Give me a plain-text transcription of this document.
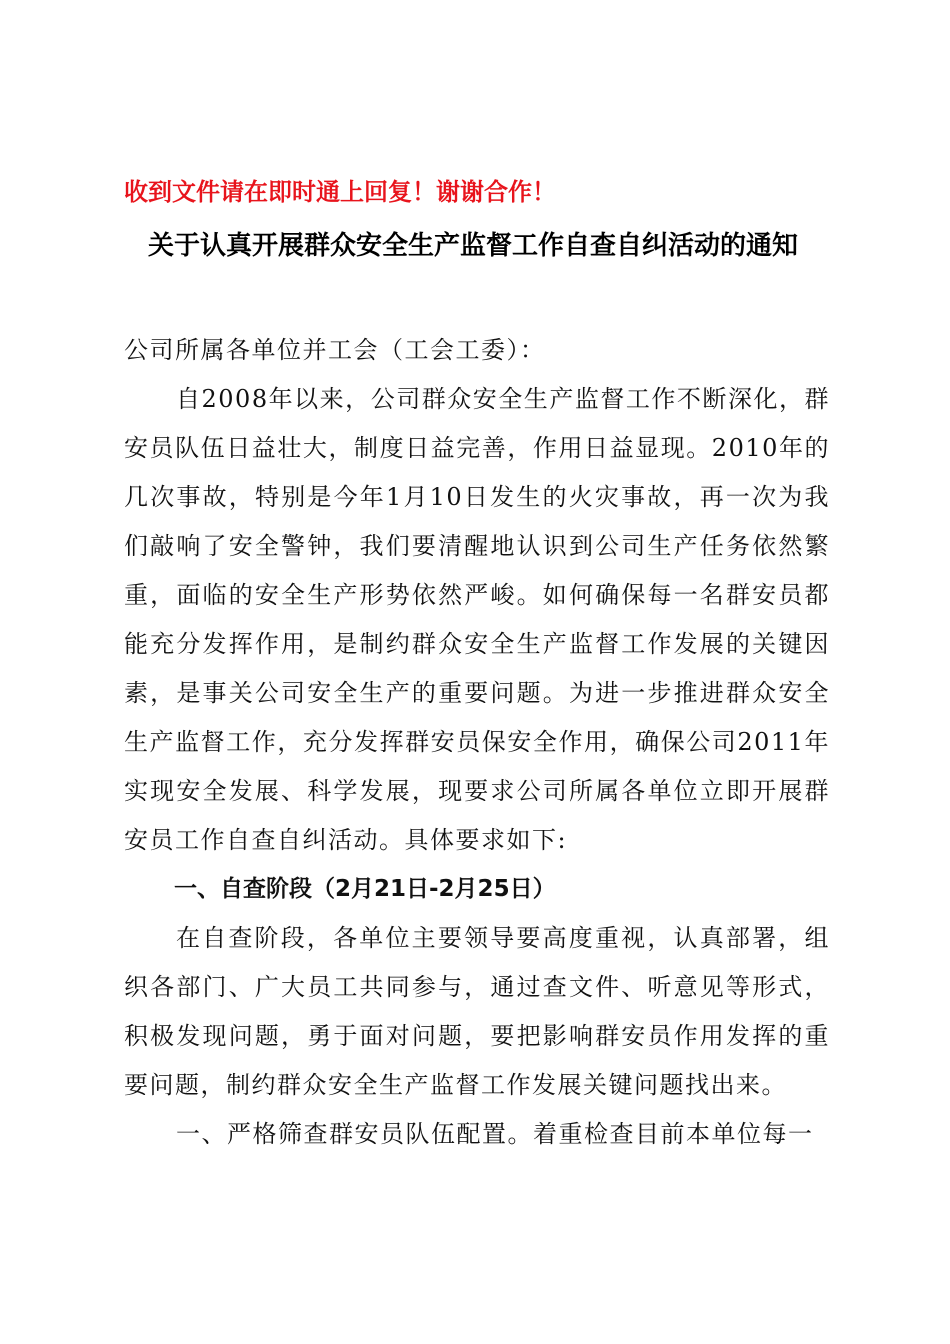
收到文件请在即时通上回复！谢谢合作！
关于认真开展群众安全生产监督工作自查自纠活动的通知

公司所属各单位并工会（工会工委）：

自2008年以来，公司群众安全生产监督工作不断深化，群安员队伍日益壮大，制度日益完善，作用日益显现。2010年的几次事故，特别是今年1月10日发生的火灾事故，再一次为我们敲响了安全警钟，我们要清醒地认识到公司生产任务依然繁重，面临的安全生产形势依然严峻。如何确保每一名群安员都能充分发挥作用，是制约群众安全生产监督工作发展的关键因素，是事关公司安全生产的重要问题。为进一步推进群众安全生产监督工作，充分发挥群安员保安全作用，确保公司2011年实现安全发展、科学发展，现要求公司所属各单位立即开展群安员工作自查自纠活动。具体要求如下:

一、自查阶段（2月21日-2月25日）

在自查阶段，各单位主要领导要高度重视，认真部署，组织各部门、广大员工共同参与，通过查文件、听意见等形式，积极发现问题，勇于面对问题，要把影响群安员作用发挥的重要问题，制约群众安全生产监督工作发展关键问题找出来。

一、严格筛查群安员队伍配置。着重检查目前本单位每一
